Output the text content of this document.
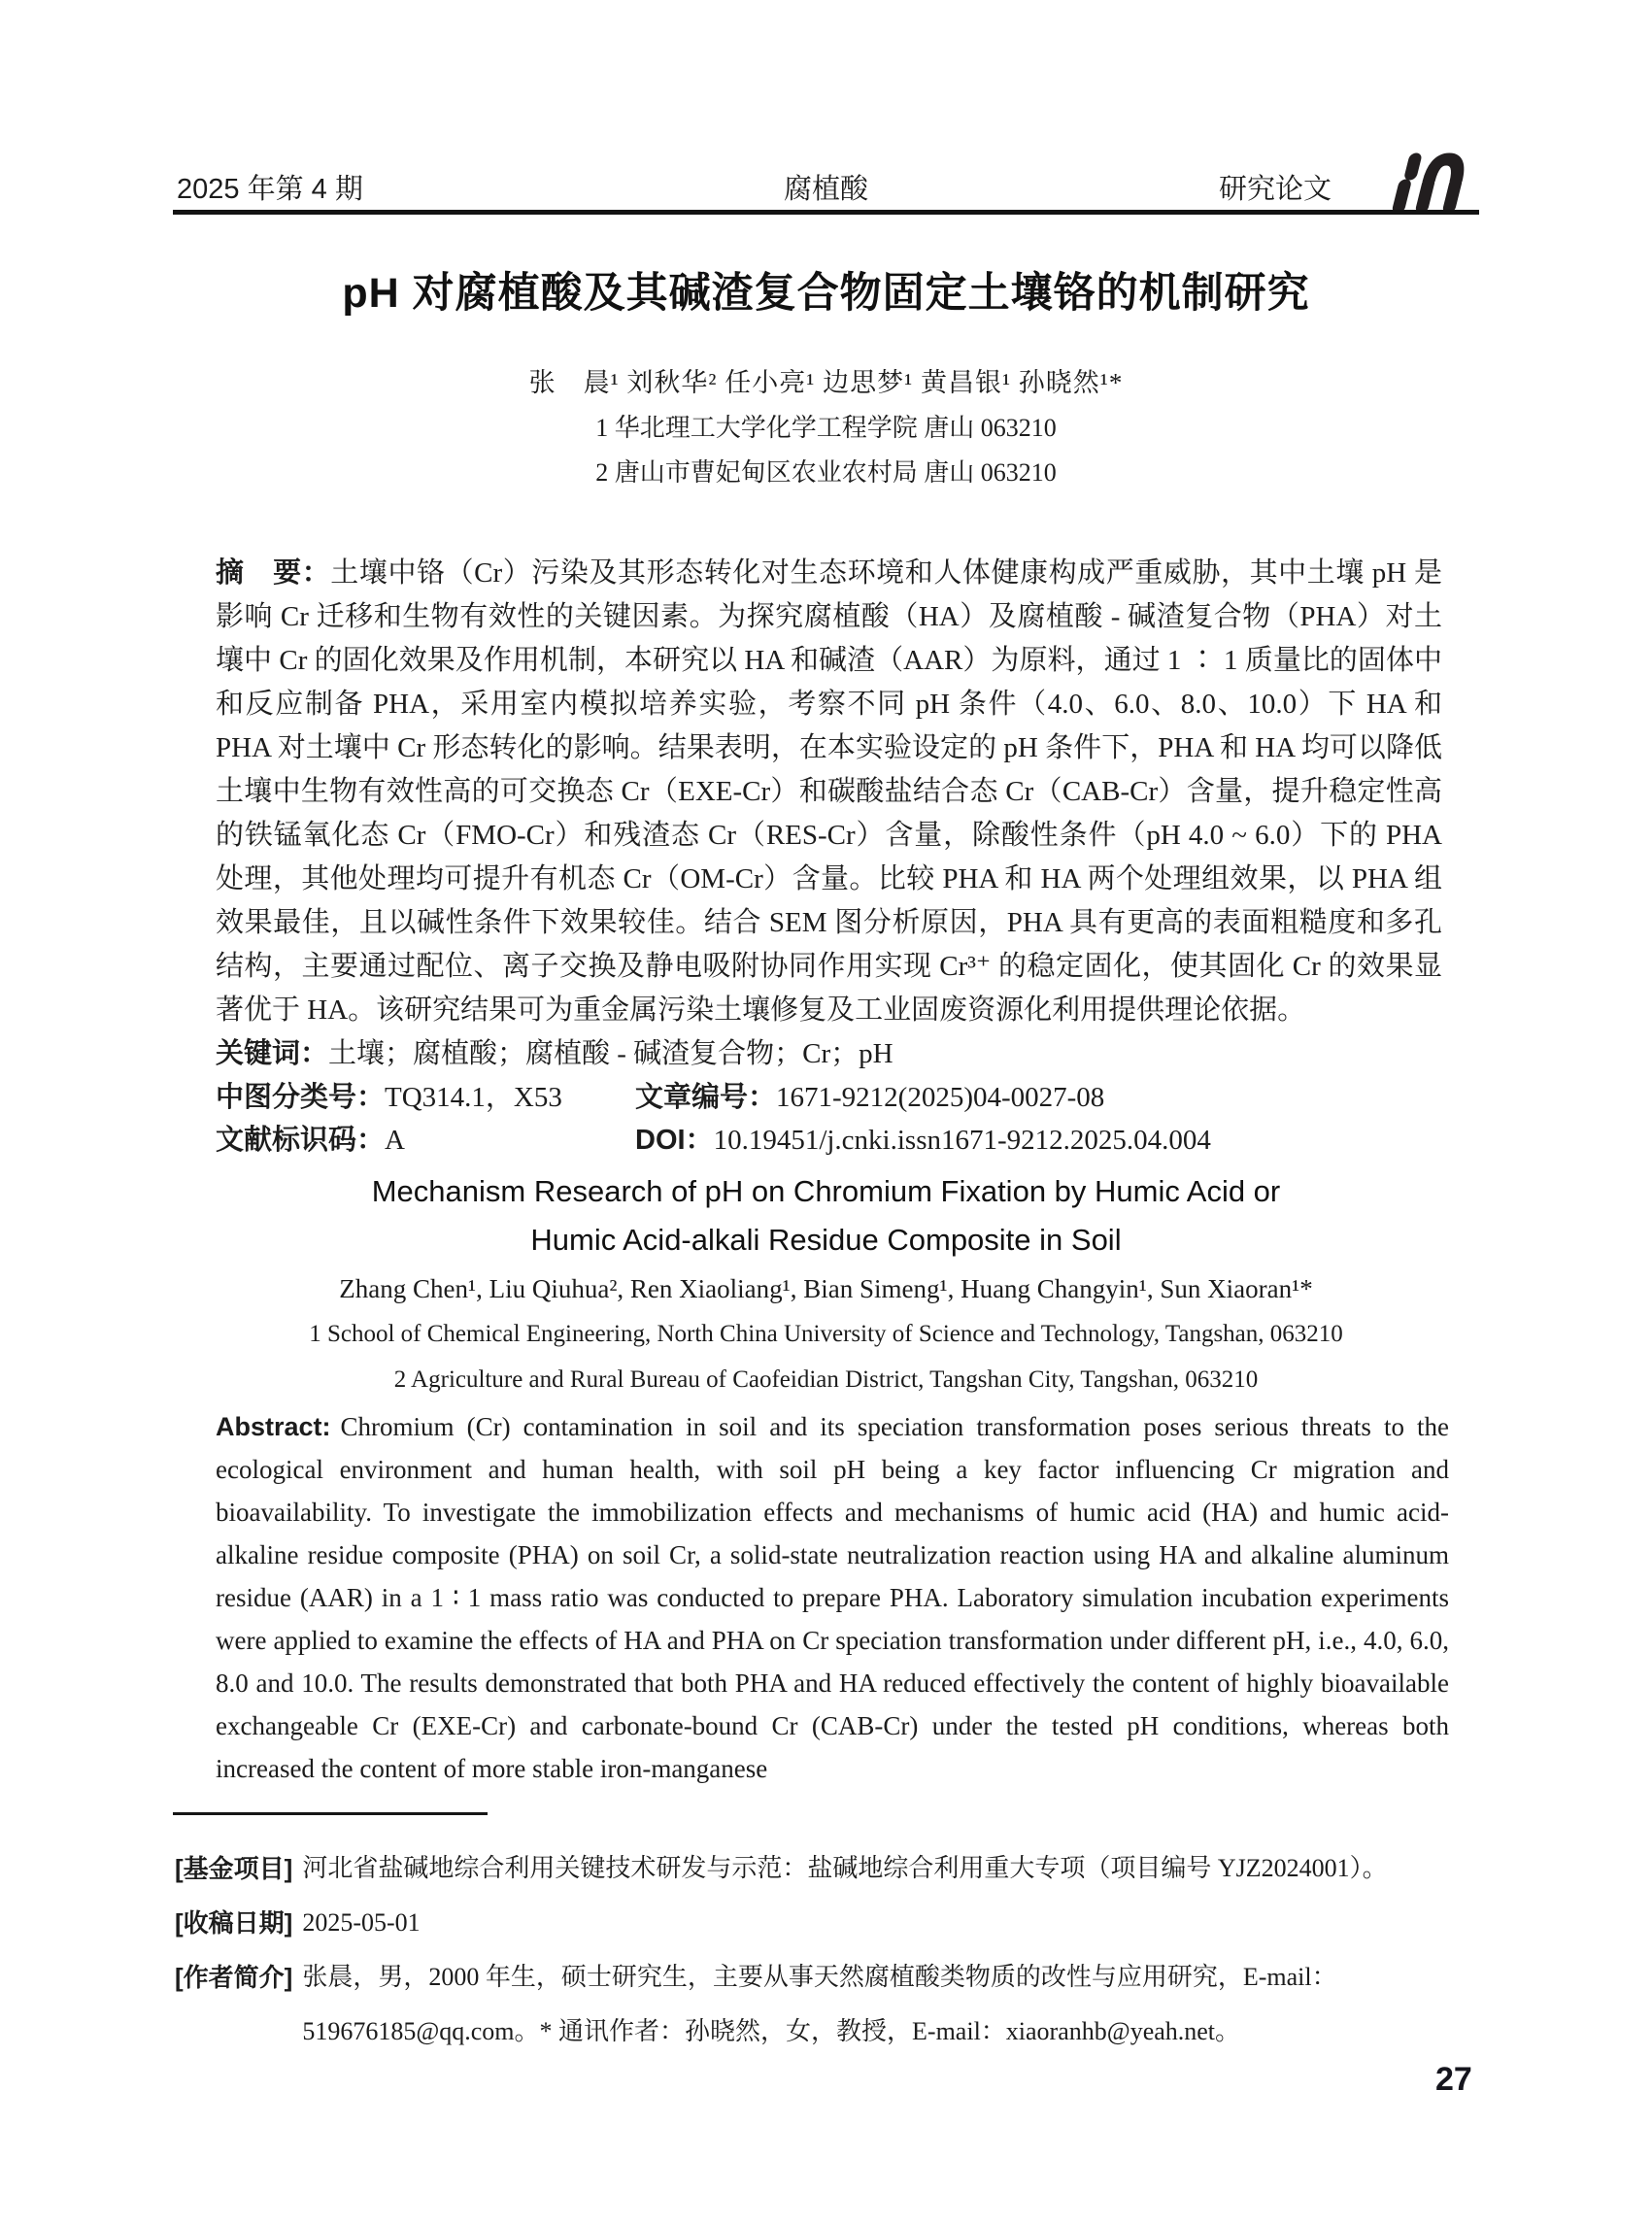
2025 年第 4 期	腐植酸	研究论文
pH 对腐植酸及其碱渣复合物固定土壤铬的机制研究
张　晨¹ 刘秋华² 任小亮¹ 边思梦¹ 黄昌银¹ 孙晓然¹*
1 华北理工大学化学工程学院 唐山 063210
2 唐山市曹妃甸区农业农村局 唐山 063210

摘　要：土壤中铬（Cr）污染及其形态转化对生态环境和人体健康构成严重威胁，其中土壤 pH 是影响 Cr 迁移和生物有效性的关键因素。为探究腐植酸（HA）及腐植酸 - 碱渣复合物（PHA）对土壤中 Cr 的固化效果及作用机制，本研究以 HA 和碱渣（AAR）为原料，通过 1 ∶ 1 质量比的固体中和反应制备 PHA，采用室内模拟培养实验，考察不同 pH 条件（4.0、6.0、8.0、10.0）下 HA 和 PHA 对土壤中 Cr 形态转化的影响。结果表明，在本实验设定的 pH 条件下，PHA 和 HA 均可以降低土壤中生物有效性高的可交换态 Cr（EXE-Cr）和碳酸盐结合态 Cr（CAB-Cr）含量，提升稳定性高的铁锰氧化态 Cr（FMO-Cr）和残渣态 Cr（RES-Cr）含量，除酸性条件（pH 4.0 ~ 6.0）下的 PHA 处理，其他处理均可提升有机态 Cr（OM-Cr）含量。比较 PHA 和 HA 两个处理组效果，以 PHA 组效果最佳，且以碱性条件下效果较佳。结合 SEM 图分析原因，PHA 具有更高的表面粗糙度和多孔结构，主要通过配位、离子交换及静电吸附协同作用实现 Cr³⁺ 的稳定固化，使其固化 Cr 的效果显著优于 HA。该研究结果可为重金属污染土壤修复及工业固废资源化利用提供理论依据。

关键词：土壤；腐植酸；腐植酸 - 碱渣复合物；Cr；pH

中图分类号：TQ314.1，X53	文章编号：1671-9212(2025)04-0027-08

文献标识码：A	DOI：10.19451/j.cnki.issn1671-9212.2025.04.004

Mechanism Research of pH on Chromium Fixation by Humic Acid or
Humic Acid-alkali Residue Composite in Soil
Zhang Chen¹, Liu Qiuhua², Ren Xiaoliang¹, Bian Simeng¹, Huang Changyin¹, Sun Xiaoran¹*
1 School of Chemical Engineering, North China University of Science and Technology, Tangshan, 063210
2 Agriculture and Rural Bureau of Caofeidian District, Tangshan City, Tangshan, 063210

Abstract: Chromium (Cr) contamination in soil and its speciation transformation poses serious threats to the ecological environment and human health, with soil pH being a key factor influencing Cr migration and bioavailability. To investigate the immobilization effects and mechanisms of humic acid (HA) and humic acid-alkaline residue composite (PHA) on soil Cr, a solid-state neutralization reaction using HA and alkaline aluminum residue (AAR) in a 1 ∶ 1 mass ratio was conducted to prepare PHA. Laboratory simulation incubation experiments were applied to examine the effects of HA and PHA on Cr speciation transformation under different pH, i.e., 4.0, 6.0, 8.0 and 10.0. The results demonstrated that both PHA and HA reduced effectively the content of highly bioavailable exchangeable Cr (EXE-Cr) and carbonate-bound Cr (CAB-Cr) under the tested pH conditions, whereas both increased the content of more stable iron-manganese

[基金项目] 河北省盐碱地综合利用关键技术研发与示范：盐碱地综合利用重大专项（项目编号 YJZ2024001）。
[收稿日期] 2025-05-01
[作者简介] 张晨，男，2000 年生，硕士研究生，主要从事天然腐植酸类物质的改性与应用研究，E-mail：519676185@qq.com。* 通讯作者：孙晓然，女，教授，E-mail：xiaoranhb@yeah.net。
27
